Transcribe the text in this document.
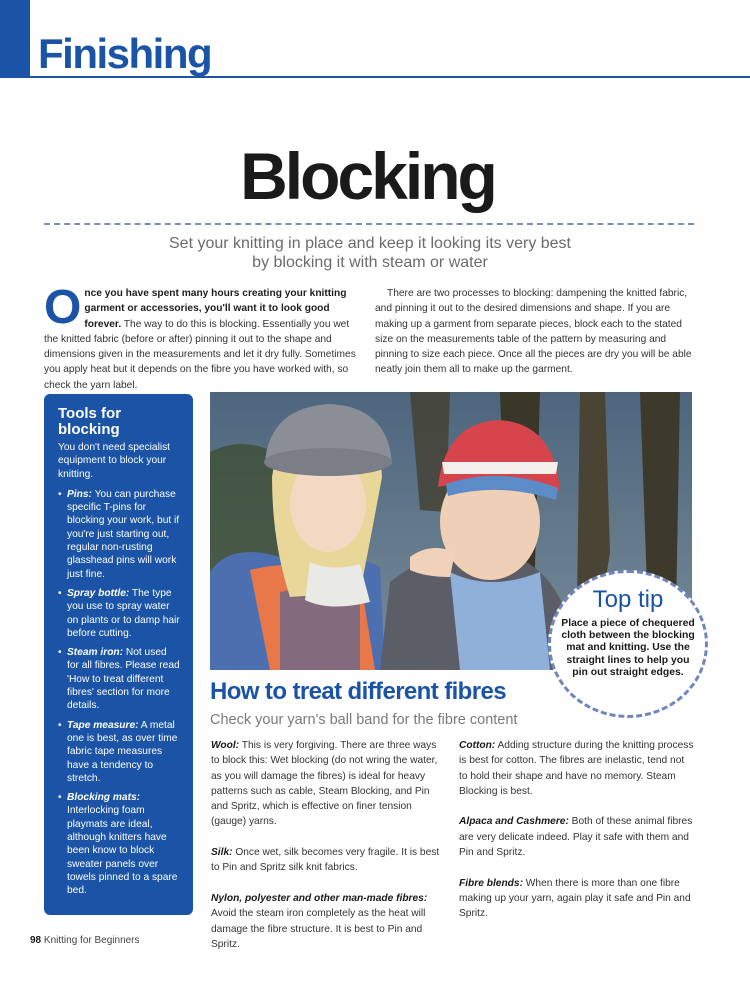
Finishing
Blocking
Set your knitting in place and keep it looking its very best
by blocking it with steam or water
Once you have spent many hours creating your knitting garment or accessories, you'll want it to look good forever. The way to do this is blocking. Essentially you wet the knitted fabric (before or after) pinning it out to the shape and dimensions given in the measurements and let it dry fully. Sometimes you apply heat but it depends on the fibre you have worked with, so check the yarn label.
There are two processes to blocking: dampening the knitted fabric, and pinning it out to the desired dimensions and shape. If you are making up a garment from separate pieces, block each to the stated size on the measurements table of the pattern by measuring and pinning to size each piece. Once all the pieces are dry you will be able neatly join them all to make up the garment.
Tools for blocking
You don't need specialist equipment to block your knitting.
• Pins: You can purchase specific T-pins for blocking your work, but if you're just starting out, regular non-rusting glasshead pins will work just fine.
• Spray bottle: The type you use to spray water on plants or to damp hair before cutting.
• Steam iron: Not used for all fibres. Please read 'How to treat different fibres' section for more details.
• Tape measure: A metal one is best, as over time fabric tape measures have a tendency to stretch.
• Blocking mats: Interlocking foam playmats are ideal, although knitters have been know to block sweater panels over towels pinned to a spare bed.
Top tip
Place a piece of chequered cloth between the blocking mat and knitting. Use the straight lines to help you pin out straight edges.
How to treat different fibres
Check your yarn's ball band for the fibre content

Wool: This is very forgiving. There are three ways to block this: Wet blocking (do not wring the water, as you will damage the fibres) is ideal for heavy patterns such as cable, Steam Blocking, and Pin and Spritz, which is effective on finer tension (gauge) yarns.

Silk: Once wet, silk becomes very fragile. It is best to Pin and Spritz silk knit fabrics.

Nylon, polyester and other man-made fibres: Avoid the steam iron completely as the heat will damage the fibre structure. It is best to Pin and Spritz.

Cotton: Adding structure during the knitting process is best for cotton. The fibres are inelastic, tend not to hold their shape and have no memory. Steam Blocking is best.

Alpaca and Cashmere: Both of these animal fibres are very delicate indeed. Play it safe with them and Pin and Spritz.

Fibre blends: When there is more than one fibre making up your yarn, again play it safe and Pin and Spritz.

98 Knitting for Beginners
